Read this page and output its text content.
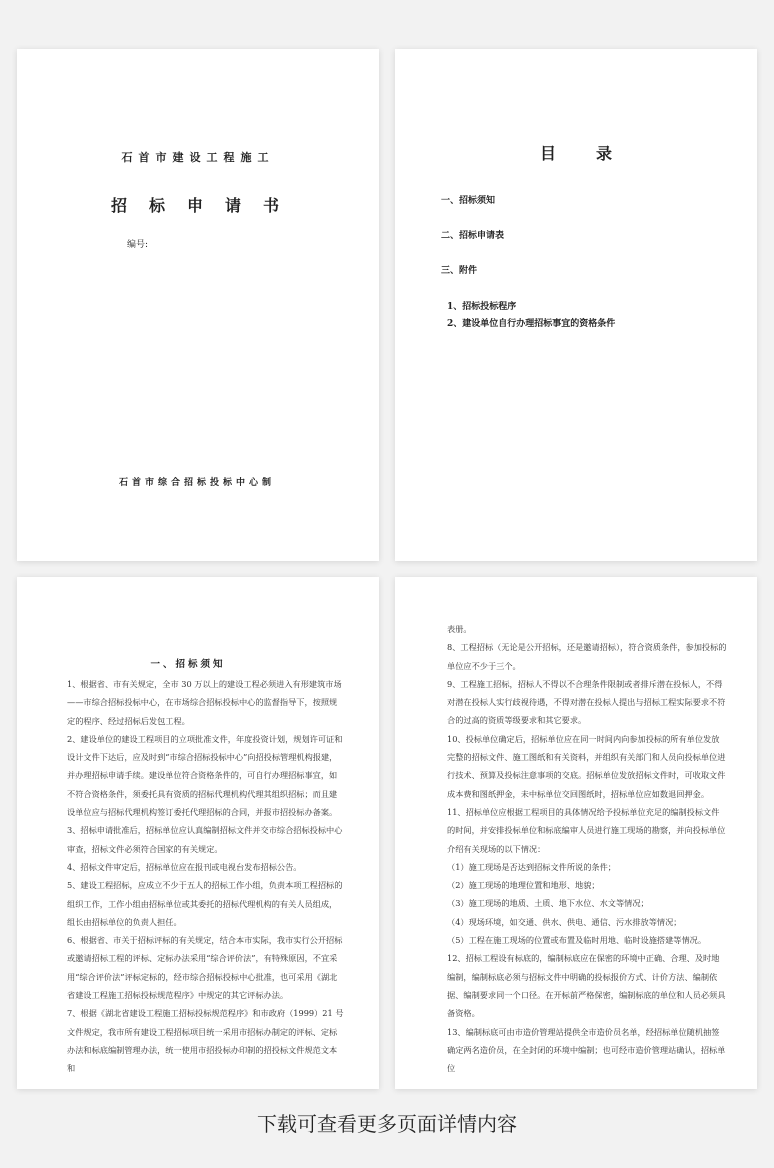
石首市建设工程施工
招标申请书
编号:
石首市综合招标投标中心制
目录
一、招标须知
二、招标申请表
三、附件
1、招标投标程序
2、建设单位自行办理招标事宜的资格条件
一、招标须知

1、根据省、市有关规定，全市 30 万以上的建设工程必须进入有形建筑市场——市综合招标投标中心，在市场综合招标投标中心的监督指导下，按照规定的程序、经过招标后发包工程。

2、建设单位的建设工程项目的立项批准文件，年度投资计划，规划许可证和设计文件下达后，应及时到“市综合招标投标中心”向招投标管理机构报建，并办理招标申请手续。建设单位符合资格条件的，可自行办理招标事宜，如不符合资格条件，须委托具有资质的招标代理机构代理其组织招标；而且建设单位应与招标代理机构签订委托代理招标的合同，并报市招投标办备案。

3、招标申请批准后，招标单位应认真编制招标文件并交市综合招标投标中心审查，招标文件必须符合国家的有关规定。

4、招标文件审定后，招标单位应在报刊或电视台发布招标公告。

5、建设工程招标，应成立不少于五人的招标工作小组，负责本项工程招标的组织工作，工作小组由招标单位或其委托的招标代理机构的有关人员组成，组长由招标单位的负责人担任。

6、根据省、市关于招标评标的有关规定，结合本市实际，我市实行公开招标或邀请招标工程的评标、定标办法采用“综合评价法”，有特殊原因，不宜采用“综合评价法”评标定标的，经市综合招标投标中心批准，也可采用《湖北省建设工程施工招标投标规范程序》中规定的其它评标办法。

7、根据《湖北省建设工程施工招标投标规范程序》和市政府（1999）21 号文件规定，我市所有建设工程招标项目统一采用市招标办制定的评标、定标办法和标底编制管理办法，统一使用市招投标办印制的招投标文件规范文本和

表册。

8、工程招标（无论是公开招标，还是邀请招标），符合资质条件，参加投标的单位应不少于三个。

9、工程施工招标，招标人不得以不合理条件限制或者排斥潜在投标人，不得对潜在投标人实行歧视待遇，不得对潜在投标人提出与招标工程实际要求不符合的过高的资质等级要求和其它要求。

10、投标单位确定后，招标单位应在同一时间内向参加投标的所有单位发放完整的招标文件、施工图纸和有关资料，并组织有关部门和人员向投标单位进行技术、预算及投标注意事项的交底。招标单位发放招标文件时，可收取文件成本费和图纸押金，未中标单位交回图纸时，招标单位应如数退回押金。

11、招标单位应根据工程项目的具体情况给予投标单位充足的编制投标文件的时间，并安排投标单位和标底编审人员进行施工现场的勘察，并向投标单位介绍有关现场的以下情况：

（1）施工现场是否达到招标文件所说的条件；

（2）施工现场的地理位置和地形、地貌；

（3）施工现场的地质、土质、地下水位、水文等情况；

（4）现场环境，如交通、供水、供电、通信、污水排放等情况；

（5）工程在施工现场的位置或布置及临时用地、临时设施搭建等情况。

12、招标工程设有标底的，编制标底应在保密的环境中正确、合理、及时地编制，编制标底必须与招标文件中明确的投标报价方式、计价方法、编制依据、编制要求同一个口径。在开标前严格保密，编制标底的单位和人员必须具备资格。

13、编制标底可由市造价管理站提供全市造价员名单，经招标单位随机抽签确定两名造价员，在全封闭的环境中编制；也可经市造价管理站确认，招标单位

下载可查看更多页面详情内容
